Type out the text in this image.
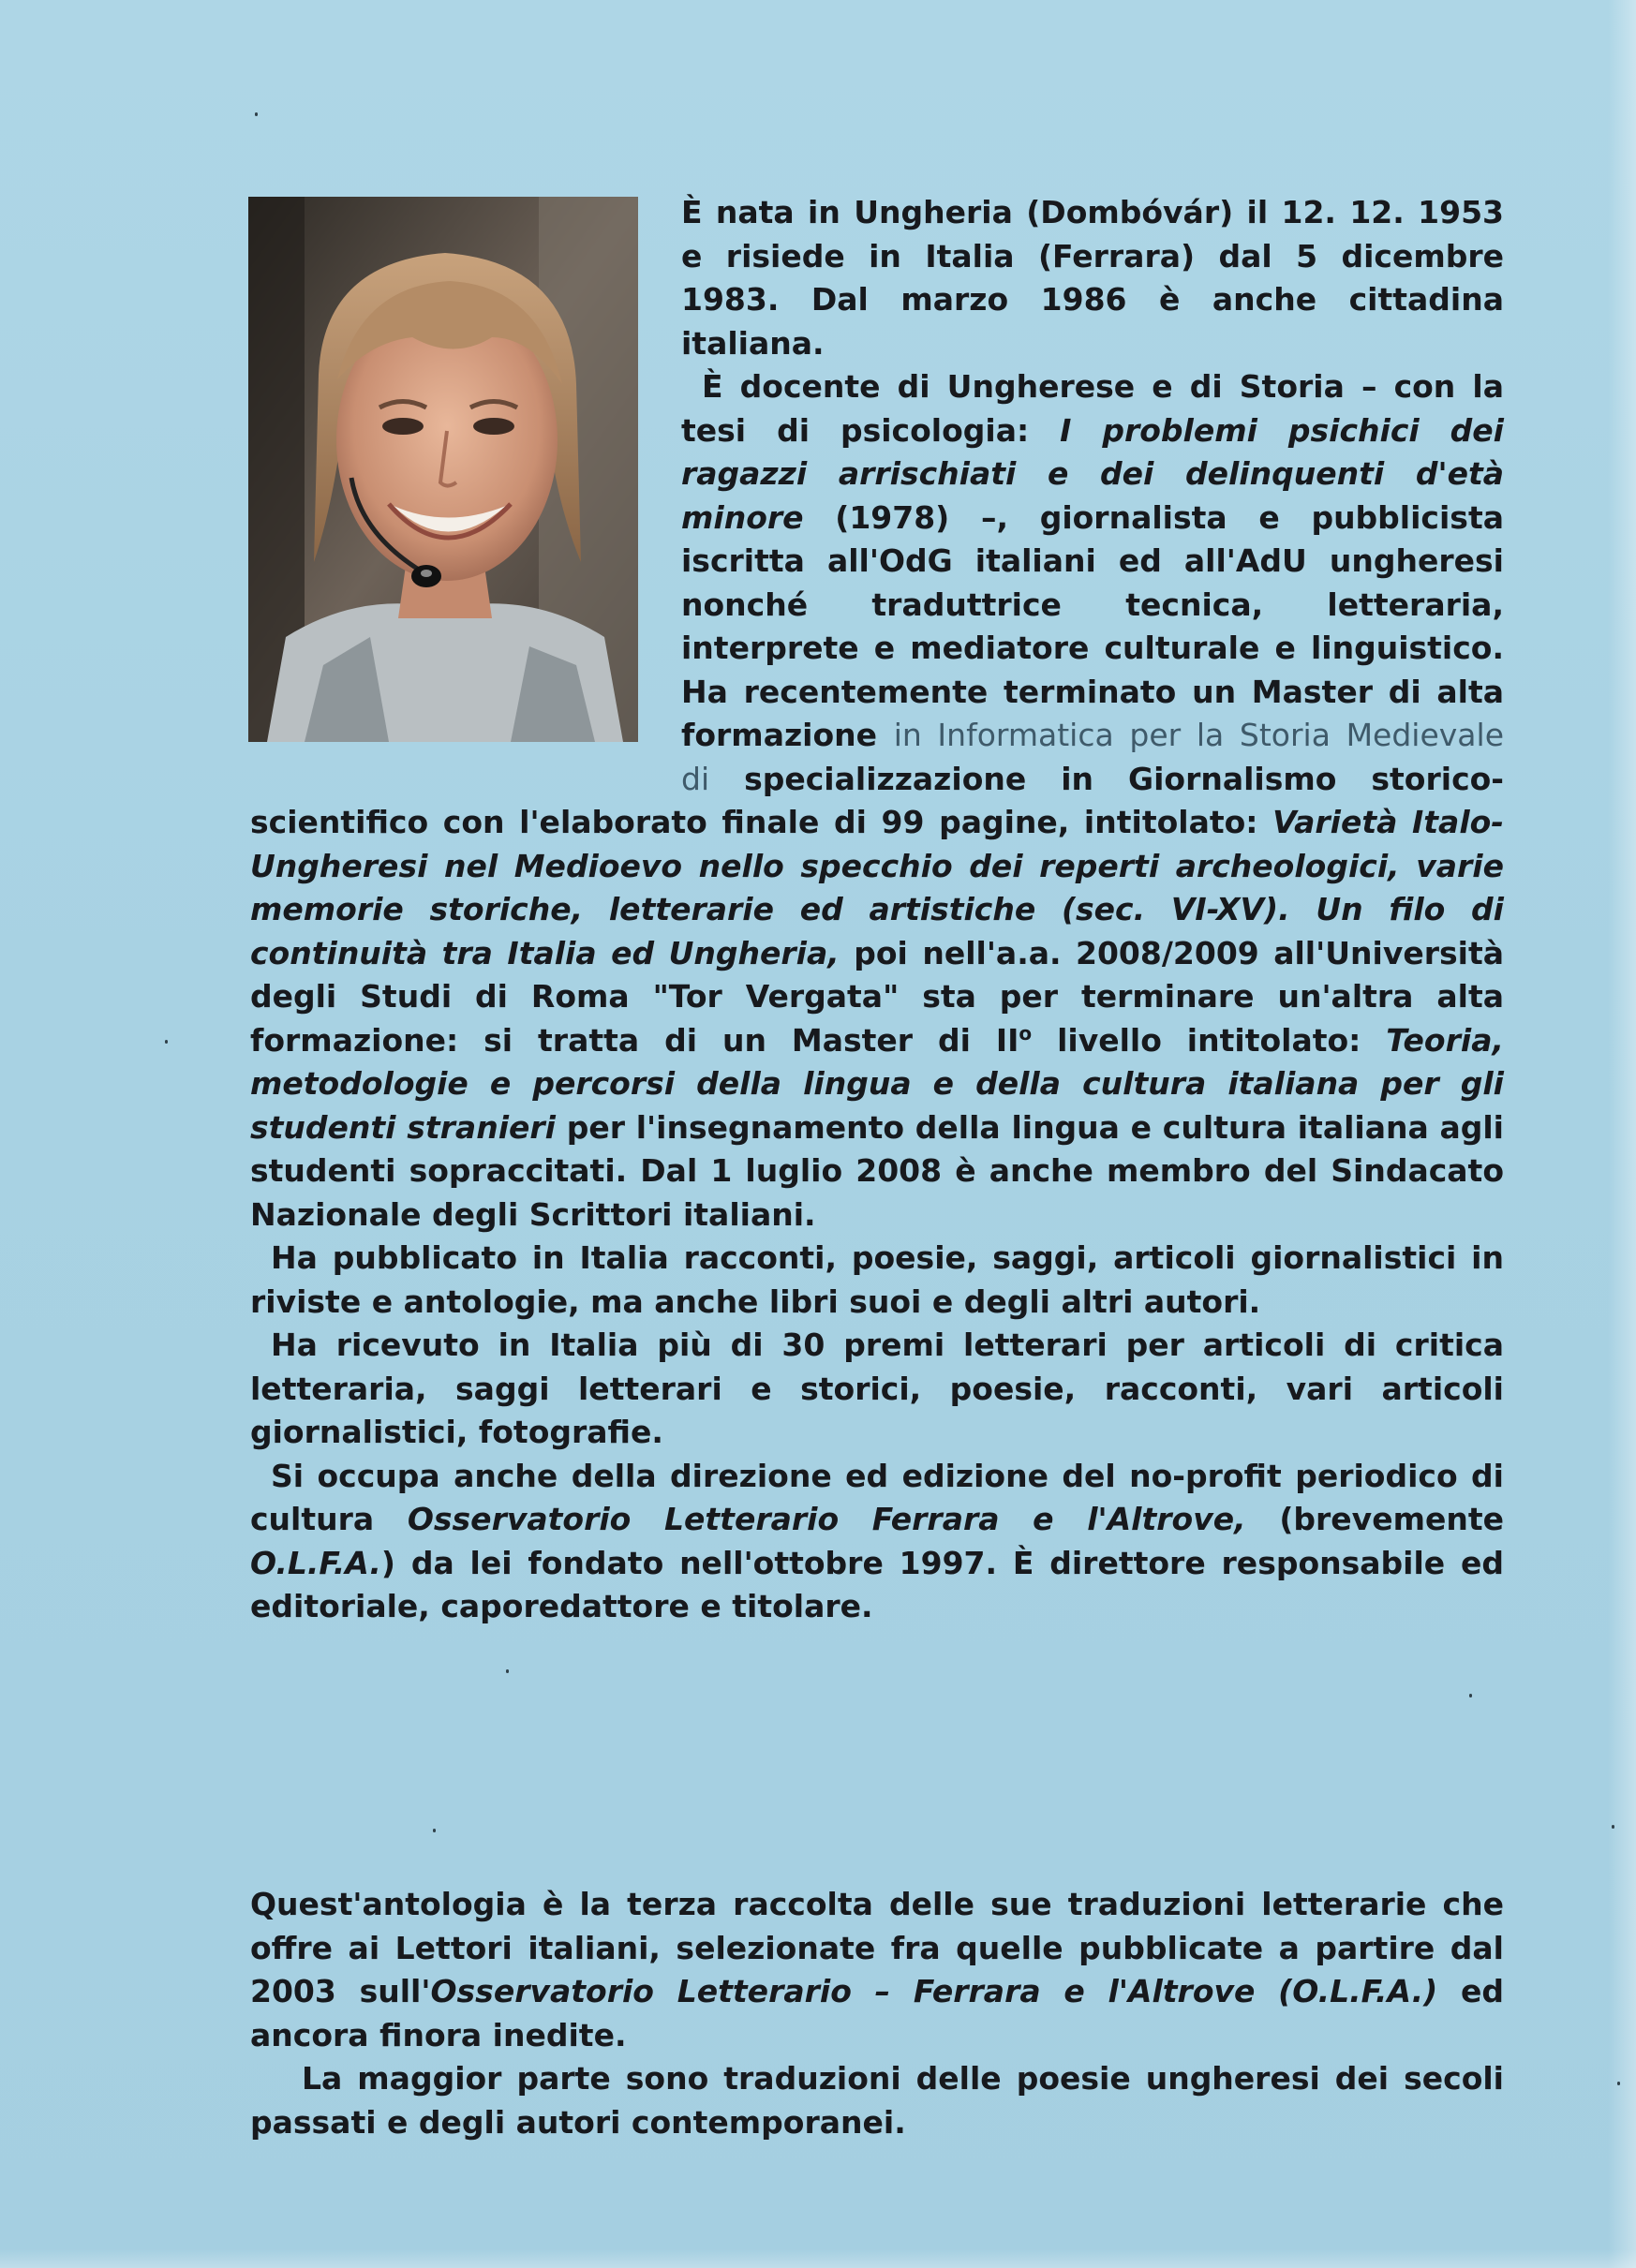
È nata in Ungheria (Dombóvár) il 12. 12. 1953 e risiede in Italia (Ferrara) dal 5 dicembre 1983. Dal marzo 1986 è anche cittadina italiana.

È docente di Ungherese e di Storia – con la tesi di psicologia: I problemi psichici dei ragazzi arrischiati e dei delinquenti d'età minore (1978) –, giornalista e pubblicista iscritta all'OdG italiani ed all'AdU ungheresi nonché traduttrice tecnica, letteraria, interprete e mediatore culturale e linguistico. Ha recentemente terminato un Master di alta formazione in Informatica per la Storia Medievale di specializzazione in Giornalismo storico-scientifico con l'elaborato finale di 99 pagine, intitolato: Varietà Italo-Ungheresi nel Medioevo nello specchio dei reperti archeologici, varie memorie storiche, letterarie ed artistiche (sec. VI-XV). Un filo di continuità tra Italia ed Ungheria, poi nell'a.a. 2008/2009 all'Università degli Studi di Roma "Tor Vergata" sta per terminare un'altra alta formazione: si tratta di un Master di $II^o$ livello intitolato: Teoria, metodologie e percorsi della lingua e della cultura italiana per gli studenti stranieri per l'insegnamento della lingua e cultura italiana agli studenti sopraccitati. Dal 1 luglio 2008 è anche membro del Sindacato Nazionale degli Scrittori italiani.

Ha pubblicato in Italia racconti, poesie, saggi, articoli giornalistici in riviste e antologie, ma anche libri suoi e degli altri autori.

Ha ricevuto in Italia più di 30 premi letterari per articoli di critica letteraria, saggi letterari e storici, poesie, racconti, vari articoli giornalistici, fotografie.

Si occupa anche della direzione ed edizione del no-profit periodico di cultura Osservatorio Letterario Ferrara e l'Altrove, (brevemente O.L.F.A.) da lei fondato nell'ottobre 1997. È direttore responsabile ed editoriale, caporedattore e titolare.

Quest'antologia è la terza raccolta delle sue traduzioni letterarie che offre ai Lettori italiani, selezionate fra quelle pubblicate a partire dal 2003 sull'Osservatorio Letterario – Ferrara e l'Altrove (O.L.F.A.) ed ancora finora inedite.

La maggior parte sono traduzioni delle poesie ungheresi dei secoli passati e degli autori contemporanei.
